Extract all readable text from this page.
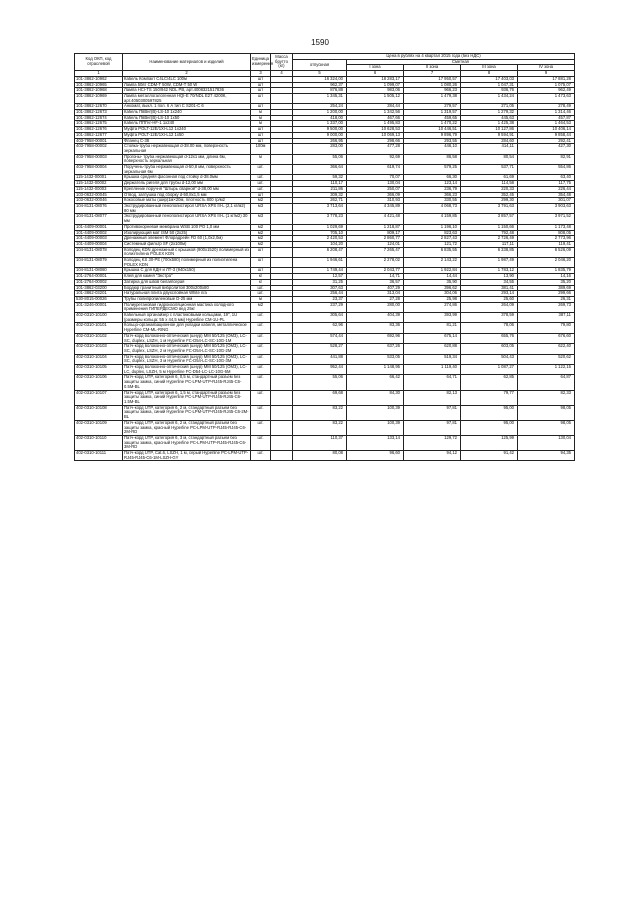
1590
Код ОКП, код отраслевой	Наименование материалов и изделий	Единица измерения	Масса брутто (кг)	Цена в рублях на 4 квартал 2015 года (без НДС)				
				отпускная	Сметная			
					I зона	II зона	III зона	IV зона
1	2	3	4	5	6	7	8	9
101-3862-10962	Кабель Компакт С4LC/4LC 100м	шт		16 324,00	18 283,17	17 950,57	17 403,03	17 881,28
101-3862-10965	Лампа 50вт CDM-T 50W, CDM-T 50 W	шт		962,37	1 099,07	1 080,26	1 047,31	1 075,07
101-3862-10968	Лампа HCI-TS 150/942 NDL PB, арт.4008321517836	шт		876,88	983,06	966,23	936,76	962,49
101-3862-10969	Лампа металлогалогенная HQI-E 70/NDL E27 4200К, арт.4050300597825	шт		1 345,31	1 505,12	1 479,38	1 434,24	1 473,63
101-3862-12670	Анкомат, выкл. 1 пол. 6 A тип C S201-C 6	шт		254,24	284,44	279,57	271,05	278,49
101-3862-12673	Кабель ПвВнг(В)-LS-10 1х240	м		1 200,00	1 342,56	1 319,57	1 279,32	1 314,46
101-3862-12674	Кабель ПвВнг(В)-LS-10 1х50	м		418,00	467,66	459,65	445,63	457,87
101-3862-12675	Кабель ППГнг-НF-1 1х240	м		1 337,00	1 495,83	1 470,22	1 425,38	1 464,53
101-3862-12676	Муфта POLT-12E/1XI-L12 1х240	шт		9 500,00	10 628,53	10 446,51	10 127,86	10 406,14
101-3862-12677	Муфта POLT-12E/1XI-L12 1х50	шт		9 000,00	10 069,13	9 896,79	9 594,91	9 858,44
403-7958-00001	Фланец С-38	шт		266,95	298,66	293,55	284,60	292,41
403-7958-00002	Стойка-труба нержавеющая d-38.00 мм, поверхность зеркальная	100м		283,00	477,28	446,10	414,11	427,30
403-7958-00003	Прогоны- труба нержавеющая d-12х1 мм, длина 6м, поверхность зеркальная	м		55,06	92,69	86,58	80,54	82,91
403-7958-00004	Поручень-труба нержавеющая d-50,8 мм, поверхность зеркальная 6м	шт.		366,64	619,74	579,25	537,71	554,86
115-1432-00001	Крышка средняя фасонная под стойку d-38.0мм	шт.		59,32	70,07	66,30	61,69	63,40
115-1432-00002	Держатель ригеля для трубы d-12,00 мм	шт.		110,17	130,04	123,14	114,58	117,75
115-1432-00003	Крепление поручня "Штырь сварной" d-38,00 мм	шт.		211,86	250,07	236,79	220,33	226,44
103-0632-00045	Отвод, заглушка под сборку d-50,8х1,5 мм	шт		309,32	366,09	366,23	352,45	354,48
103-0632-00046	Кокосовые маты (шир)1м×20м, плотность 800 гр/м2	м2		262,71	310,93	330,55	299,30	301,07
104-8131-08076	Экструдированный пенополистирол URSA XPS III-L (2,1 кг/м2) 80 мм	м3		3 713,64	4 345,89	4 068,73	3 791,63	3 903,63
104-8131-08077	Экструдированный пенополистирол URSA XPS III-L (1 кг/м2) 30 мм	м3		3 778,23	4 421,48	4 159,85	3 857,57	3 971,52
101-4409-00001	Противокорневая мембрана WSB 100 PO 1,0 мм	м2		1 029,69	1 218,87	1 196,10	1 150,66	1 173,48
101-4409-00002	Изолирующий мат ISM 50 (2х25)	м2		705,10	809,17	823,63	792,48	808,05
101-4409-00003	Дренажный элемент Флорадрейн FD 60 (1,0х2,0м)	м2		2 420,53	2 860,77	2 827,43	2 726,49	2 773,96
101-4409-00004	Системный фильтр SF (2х100м)	м2		104,20	124,01	121,72	117,11	119,41
104-8131-08078	Колодец KDN дренажный с крышкой (900х1520) полимерный из полиэтилена POLEX KDN	шт		6 208,47	7 265,47	6 835,55	6 338,85	6 526,09
104-8131-08079	Колодец KS 30-PE (700х580) полимерный из полиэтилена POLEX KDN	шт		1 946,61	2 278,02	2 143,22	1 987,49	2 046,20
104-8131-08080	Крышка С для КДН и ЛТ-3 (940х150)	шт		1 749,44	2 043,77	1 922,84	1 783,12	1 835,79
101-2764-00001	Клей для камня "Экстра"	кг		12,57	14,71	14,44	13,90	14,16
101-2764-00002	Затирка для швов белая/серая	кг		31,25	36,57	35,90	34,55	35,20
101-3862-03200	Бордюр гранитный вибролитой 300х200х80	шт.		307,63	407,29	396,62	381,41	389,69
101-3862-03201	Натуральная плита двухслойная White n/a	шт.		256,44	313,04	304,06	293,14	299,66
530-8015-00026	Трубы полипропиленовые D-25 мм	м		23,37	27,28	25,98	25,60	26,31
101-3246-00001	Полиуретановая гидроизоляционная мастика холодного применения ГИПЕРДЕСМО вед 25кг	м2		237,29	280,00	274,86	264,09	269,73
402-0310-10100	Кабельный органайзер с пластиковыми кольцами, 19", 1U (размеры кольца: 55 х 44,5 мм) Hyperline CM-1U-PL	шт.		305,64	404,39	393,99	378,59	387,11
402-0310-10101	Кольцо-органайзационное для укладки кабеля, металлическое Hyperline CM-ML-RING	шт.		62,96	83,36	81,21	78,06	79,80
402-0310-10102	Патч-корд волоконно-оптический (шнур) MM 50/125 (OM3), LC-SC, duplex, LSZH, 1 м Hyperline FC-D54-LC-SC-10G-1M	шт.		574,44	692,96	675,14	655,76	676,60
402-0310-10103	Патч-корд волоконно-оптический (шнур) MM 50/125 (OM3), LC-SC, duplex, LSZH, 2 м Hyperline FC-D54-LC-SC-10G-2M	шт.		528,27	637,26	620,88	603,05	622,40
402-0310-10104	Патч-корд волоконно-оптический (шнур) MM 50/125 (OM3), LC-SC, duplex, LSZH, 3 м Hyperline FC-D54-LC-SC-10G-3M	шт.		441,88	533,05	519,34	504,43	520,62
402-0310-10105	Патч-корд волоконно-оптический (шнур) MM 50/125 (OM3), LC-LC, duplex, LSZH, 5 м Hyperline FC-D54-LC-LC-10G-5M	шт.		952,44	1 148,95	1 119,40	1 087,27	1 122,15
402-0310-10106	Патч-корд UTP, категория 6, 0,5 м, стандартный разъем без защиты замка, синий Hyperline PC-LPM-UTP-RJ45-RJ45-C6-0.5M-BL	шт.		55,06	66,42	64,71	62,85	64,87
402-0310-10107	Патч-корд UTP, категория 6, 1,5 м, стандартный разъем без защиты замка, синий Hyperline PC-LPM-UTP-RJ45-RJ45-C6-1.5M-BL	шт.		69,68	84,30	82,13	79,77	82,33
402-0310-10108	Патч-корд UTP, категория 6, 2 м, стандартный разъем без защиты замка, синий Hyperline PC-LPM-UTP-RJ45-RJ45-C6-2M-BL	шт.		83,22	100,39	97,81	95,00	98,05
402-0310-10109	Патч-корд UTP, категория 6, 2 м, стандартный разъем без защиты замка, красный Hyperline PC-LPM-UTP-RJ45-RJ45-C6-2M-RD	шт.		83,22	100,39	97,81	95,00	98,05
402-0310-10110	Патч-корд UTP, категория 6, 3 м, стандартный разъем без защиты замка, красный Hyperline PC-LPM-UTP-RJ45-RJ45-C6-3M-RD	шт.		110,37	133,14	129,72	125,99	130,04
402-0310-10111	Патч-корд UTP, Cat.6, LSZH, 1 м, серый Hyperline PC-LPM-UTP-RJ45-RJ45-C6-1M-LSZH-GY	шт.		80,08	96,60	94,12	91,42	94,35
